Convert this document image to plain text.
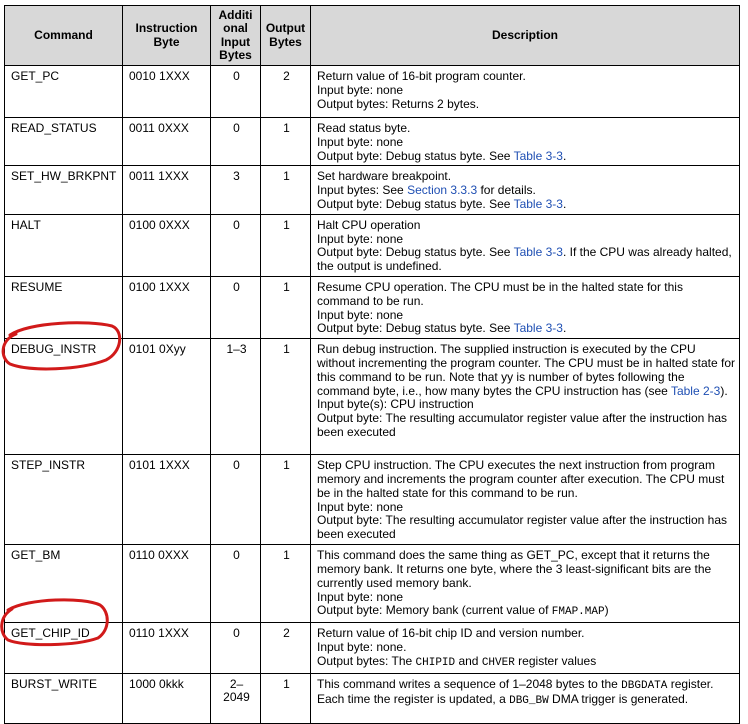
Command	Instruction Byte	Additi onal Input Bytes	Output Bytes	Description
GET_PC	0010 1XXX	0	2	Return value of 16-bit program counter.
Input byte: none
Output bytes: Returns 2 bytes.

READ_STATUS	0011 0XXX	0	1	Read status byte.
Input byte: none
Output byte: Debug status byte. See Table 3-3.

SET_HW_BRKPNT	0011 1XXX	3	1	Set hardware breakpoint.
Input bytes: See Section 3.3.3 for details.
Output byte: Debug status byte. See Table 3-3.

HALT	0100 0XXX	0	1	Halt CPU operation
Input byte: none
Output byte: Debug status byte. See Table 3-3. If the CPU was already halted, the output is undefined.

RESUME	0100 1XXX	0	1	Resume CPU operation. The CPU must be in the halted state for this command to be run.
Input byte: none
Output byte: Debug status byte. See Table 3-3.

DEBUG_INSTR	0101 0Xyy	1–3	1	Run debug instruction. The supplied instruction is executed by the CPU without incrementing the program counter. The CPU must be in halted state for this command to be run. Note that yy is number of bytes following the command byte, i.e., how many bytes the CPU instruction has (see Table 2-3).
Input byte(s): CPU instruction
Output byte: The resulting accumulator register value after the instruction has been executed

STEP_INSTR	0101 1XXX	0	1	Step CPU instruction. The CPU executes the next instruction from program memory and increments the program counter after execution. The CPU must be in the halted state for this command to be run.
Input byte: none
Output byte: The resulting accumulator register value after the instruction has been executed

GET_BM	0110 0XXX	0	1	This command does the same thing as GET_PC, except that it returns the memory bank. It returns one byte, where the 3 least-significant bits are the currently used memory bank.
Input byte: none
Output byte: Memory bank (current value of FMAP.MAP)

GET_CHIP_ID	0110 1XXX	0	2	Return value of 16-bit chip ID and version number.
Input byte: none.
Output bytes: The CHIPID and CHVER register values

BURST_WRITE	1000 0kkk	2–2049	1	This command writes a sequence of 1–2048 bytes to the DBGDATA register. Each time the register is updated, a DBG_BW DMA trigger is generated.
